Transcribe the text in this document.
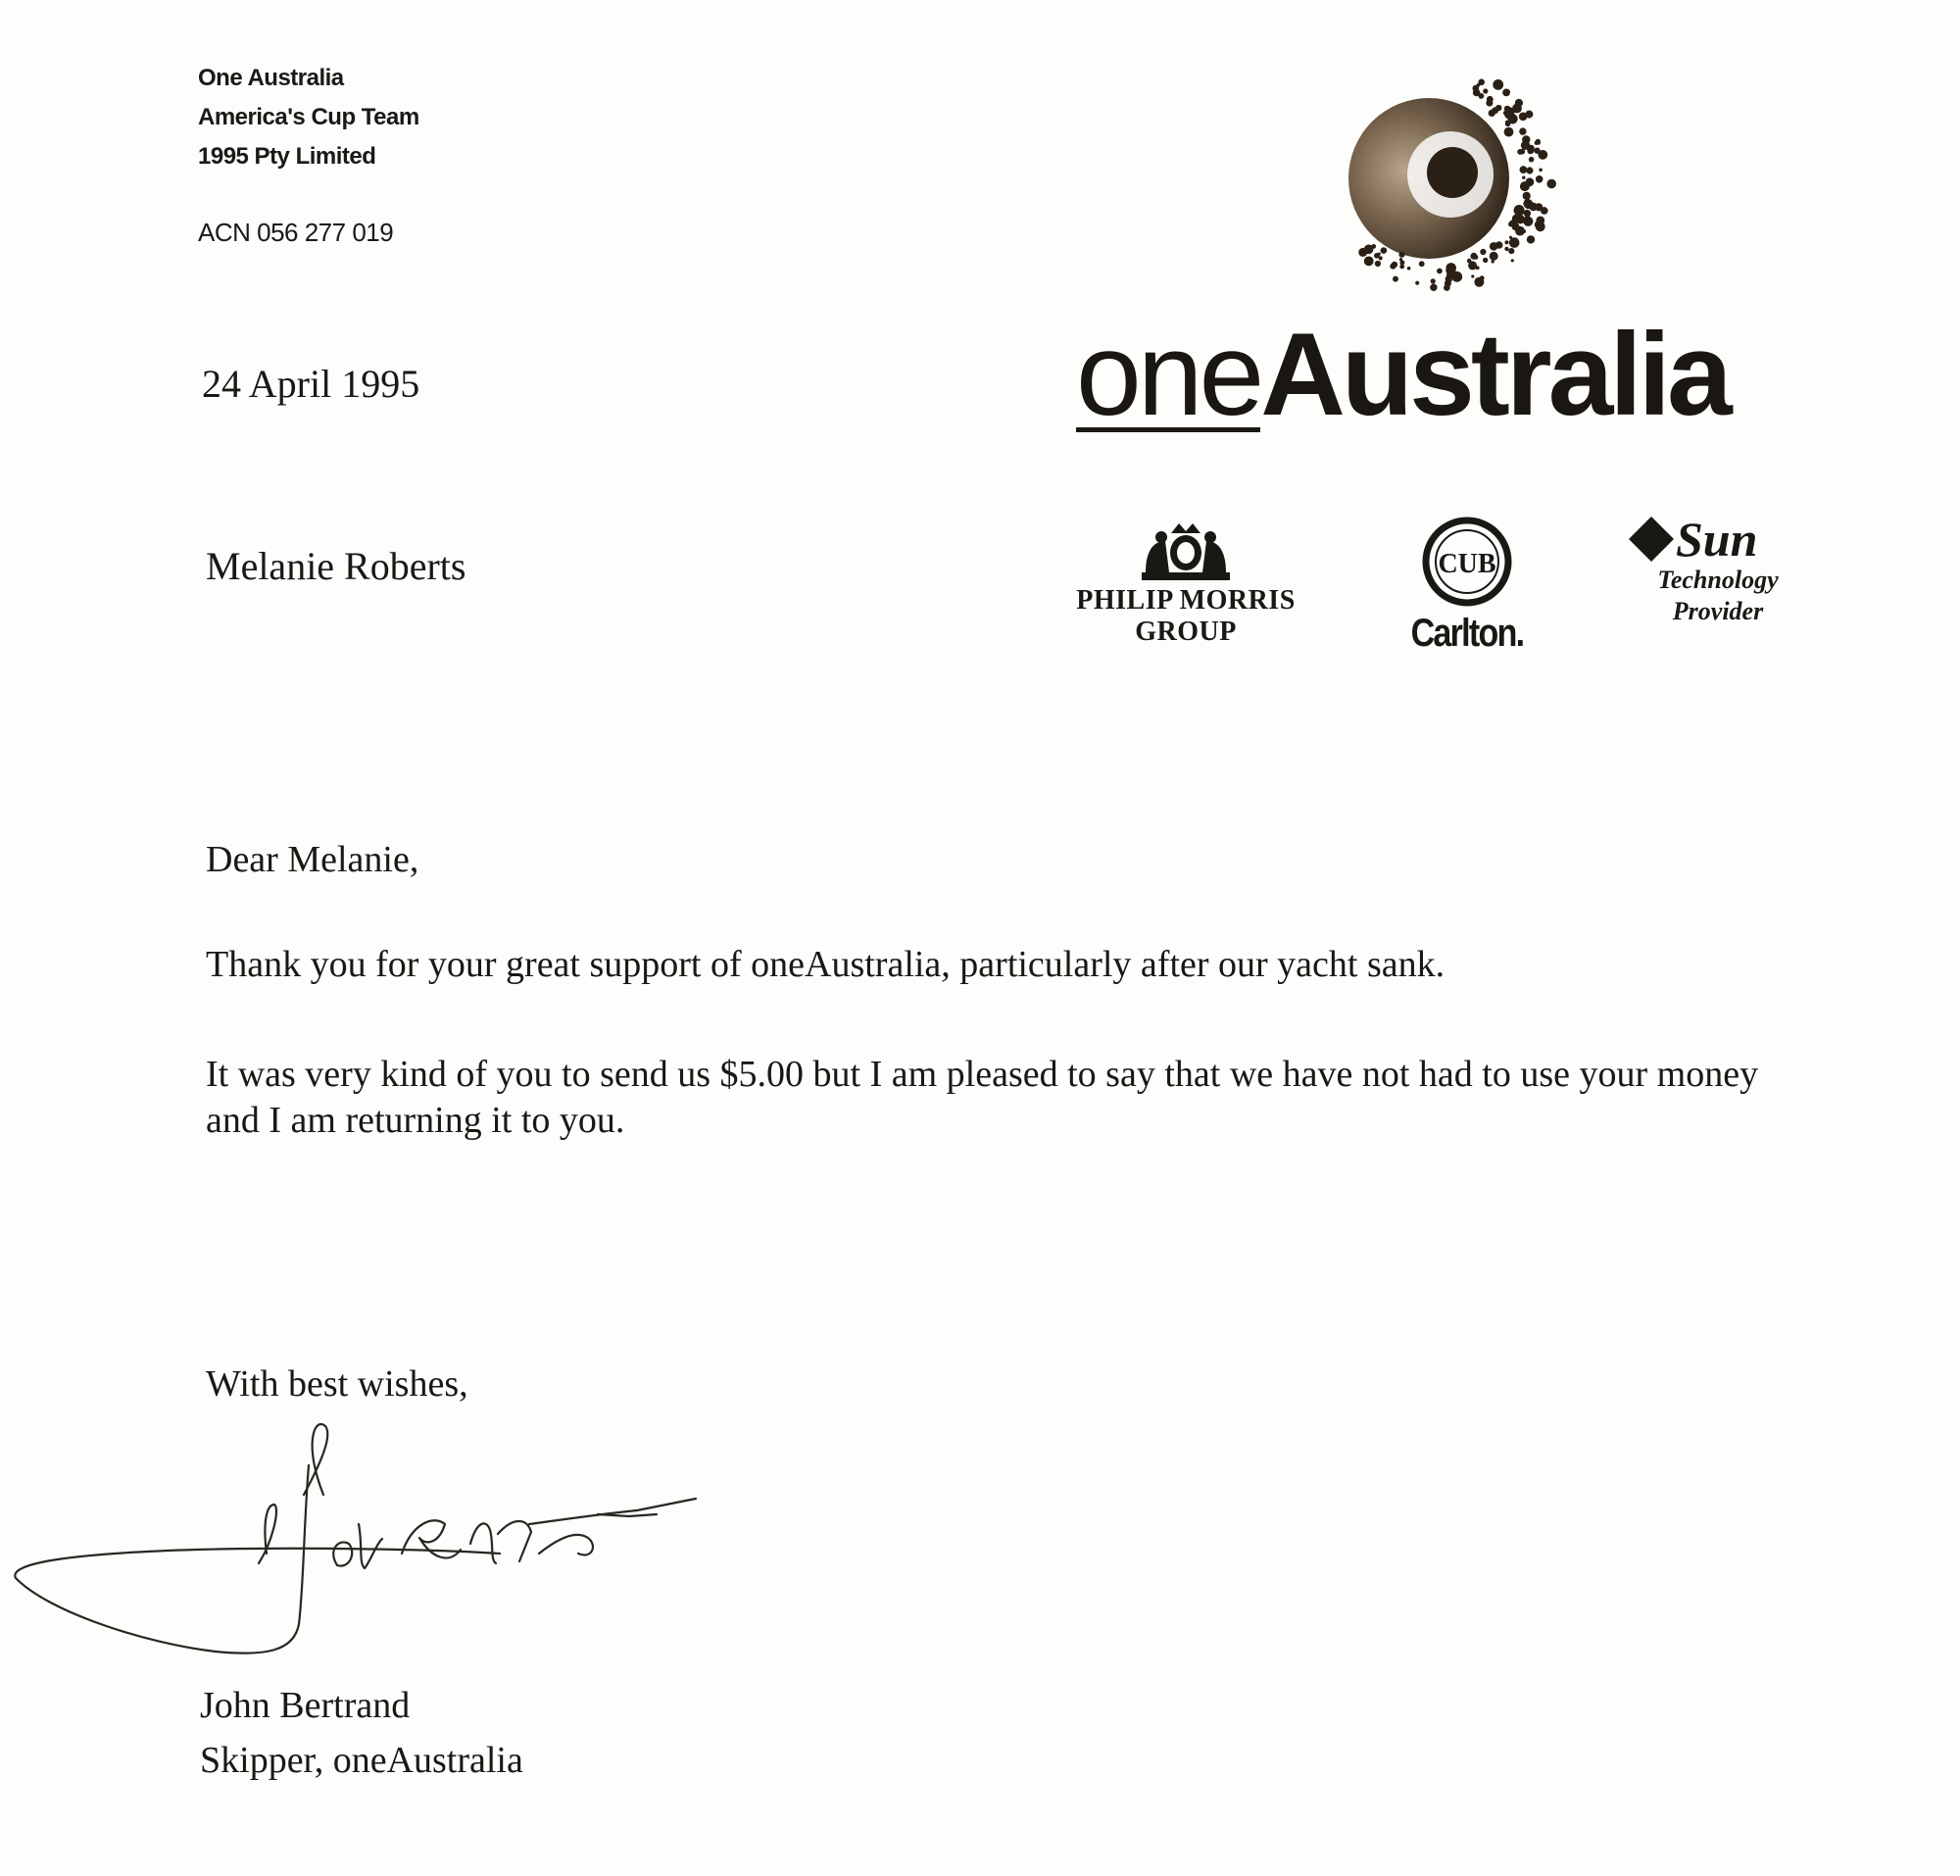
One Australia
America's Cup Team
1995 Pty Limited
ACN 056 277 019
24 April 1995
Melanie Roberts
oneAustralia
PHILIP MORRIS
GROUP
CUB
Carlton.
Sun
Technology
Provider
Dear Melanie,
Thank you for your great support of oneAustralia, particularly after our yacht sank.
It was very kind of you to send us $5.00 but I am pleased to say that we have not had to use your money and I am returning it to you.
With best wishes,
John Bertrand
Skipper, oneAustralia
